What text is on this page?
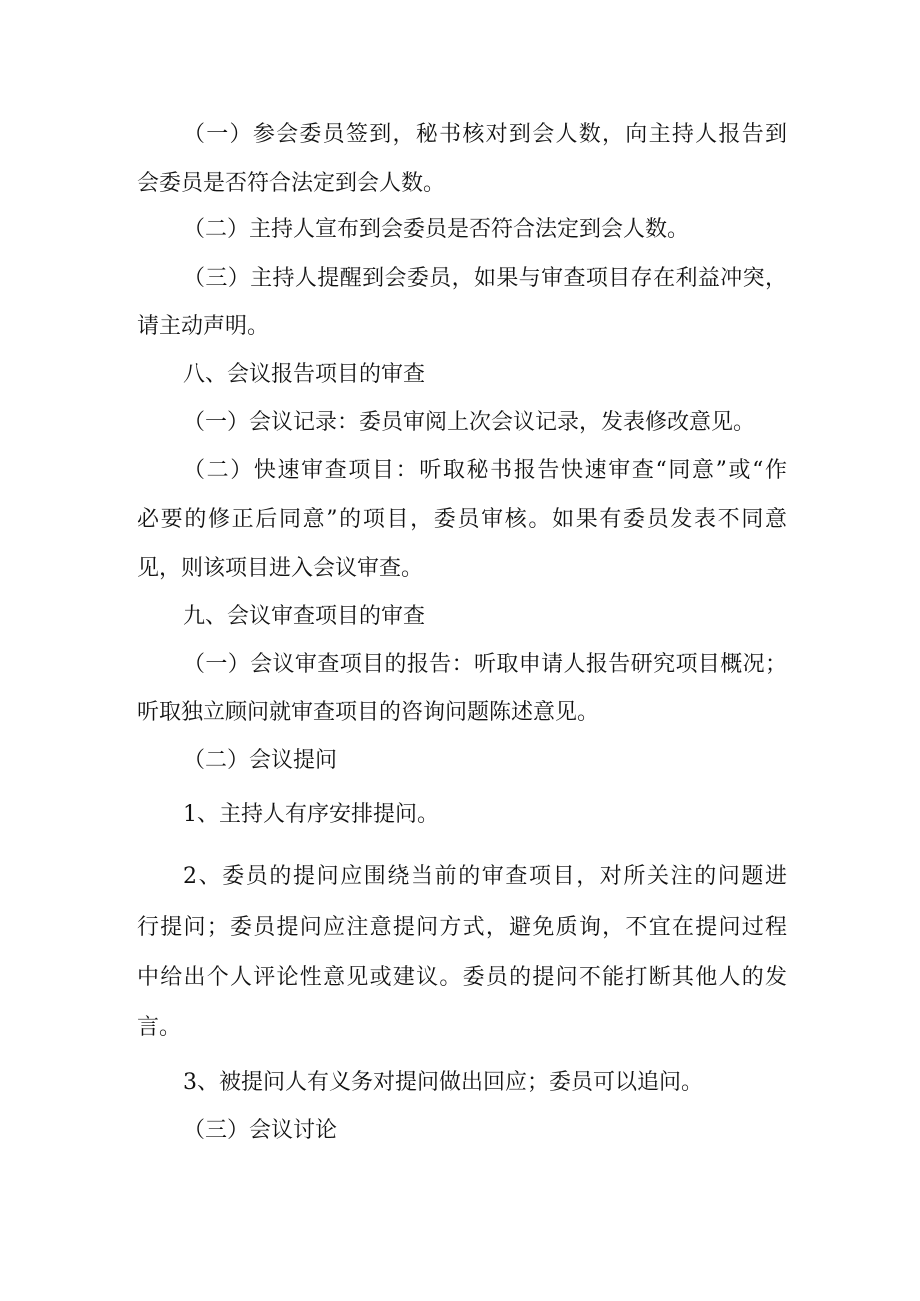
（一）参会委员签到，秘书核对到会人数，向主持人报告到
会委员是否符合法定到会人数。
（二）主持人宣布到会委员是否符合法定到会人数。
（三）主持人提醒到会委员，如果与审查项目存在利益冲突，
请主动声明。
八、会议报告项目的审查
（一）会议记录：委员审阅上次会议记录，发表修改意见。
（二）快速审查项目：听取秘书报告快速审查“同意”或“作
必要的修正后同意”的项目，委员审核。如果有委员发表不同意
见，则该项目进入会议审查。
九、会议审查项目的审查
（一）会议审查项目的报告：听取申请人报告研究项目概况；
听取独立顾问就审查项目的咨询问题陈述意见。
（二）会议提问
1、主持人有序安排提问。
2、委员的提问应围绕当前的审查项目，对所关注的问题进
行提问；委员提问应注意提问方式，避免质询，不宜在提问过程
中给出个人评论性意见或建议。委员的提问不能打断其他人的发
言。
3、被提问人有义务对提问做出回应；委员可以追问。
（三）会议讨论
